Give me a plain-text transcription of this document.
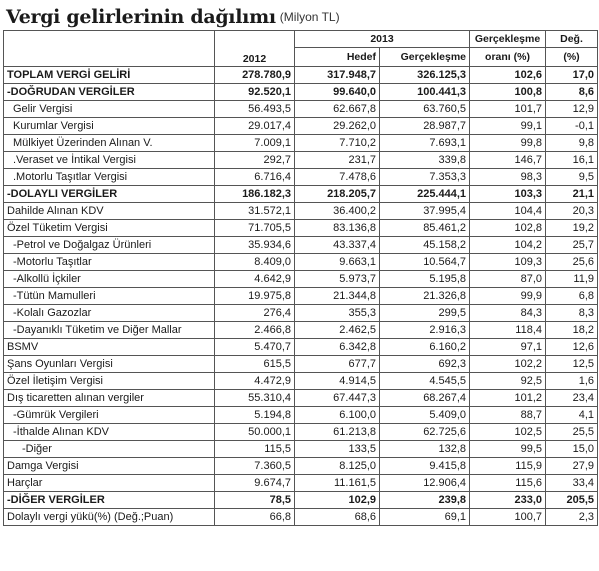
Vergi gelirlerinin dağılımı (Milyon TL)
	2012	2013		Gerçekleşme	Değ.
		Hedef	Gerçekleşme	oranı (%)	(%)
TOPLAM VERGİ GELİRİ	278.780,9	317.948,7	326.125,3	102,6	17,0
-DOĞRUDAN VERGİLER	92.520,1	99.640,0	100.441,3	100,8	8,6
Gelir Vergisi	56.493,5	62.667,8	63.760,5	101,7	12,9
Kurumlar Vergisi	29.017,4	29.262,0	28.987,7	99,1	-0,1
Mülkiyet Üzerinden Alınan V.	7.009,1	7.710,2	7.693,1	99,8	9,8
.Veraset ve İntikal Vergisi	292,7	231,7	339,8	146,7	16,1
.Motorlu Taşıtlar Vergisi	6.716,4	7.478,6	7.353,3	98,3	9,5
-DOLAYLI VERGİLER	186.182,3	218.205,7	225.444,1	103,3	21,1
Dahilde Alınan KDV	31.572,1	36.400,2	37.995,4	104,4	20,3
Özel Tüketim Vergisi	71.705,5	83.136,8	85.461,2	102,8	19,2
-Petrol ve Doğalgaz Ürünleri	35.934,6	43.337,4	45.158,2	104,2	25,7
-Motorlu Taşıtlar	8.409,0	9.663,1	10.564,7	109,3	25,6
-Alkollü İçkiler	4.642,9	5.973,7	5.195,8	87,0	11,9
-Tütün Mamulleri	19.975,8	21.344,8	21.326,8	99,9	6,8
-Kolalı Gazozlar	276,4	355,3	299,5	84,3	8,3
-Dayanıklı Tüketim ve Diğer Mallar	2.466,8	2.462,5	2.916,3	118,4	18,2
BSMV	5.470,7	6.342,8	6.160,2	97,1	12,6
Şans Oyunları Vergisi	615,5	677,7	692,3	102,2	12,5
Özel İletişim Vergisi	4.472,9	4.914,5	4.545,5	92,5	1,6
Dış ticaretten alınan vergiler	55.310,4	67.447,3	68.267,4	101,2	23,4
-Gümrük Vergileri	5.194,8	6.100,0	5.409,0	88,7	4,1
-İthalde Alınan KDV	50.000,1	61.213,8	62.725,6	102,5	25,5
-Diğer	115,5	133,5	132,8	99,5	15,0
Damga Vergisi	7.360,5	8.125,0	9.415,8	115,9	27,9
Harçlar	9.674,7	11.161,5	12.906,4	115,6	33,4
-DİĞER VERGİLER	78,5	102,9	239,8	233,0	205,5
Dolaylı vergi yükü(%) (Değ.;Puan)	66,8	68,6	69,1	100,7	2,3
